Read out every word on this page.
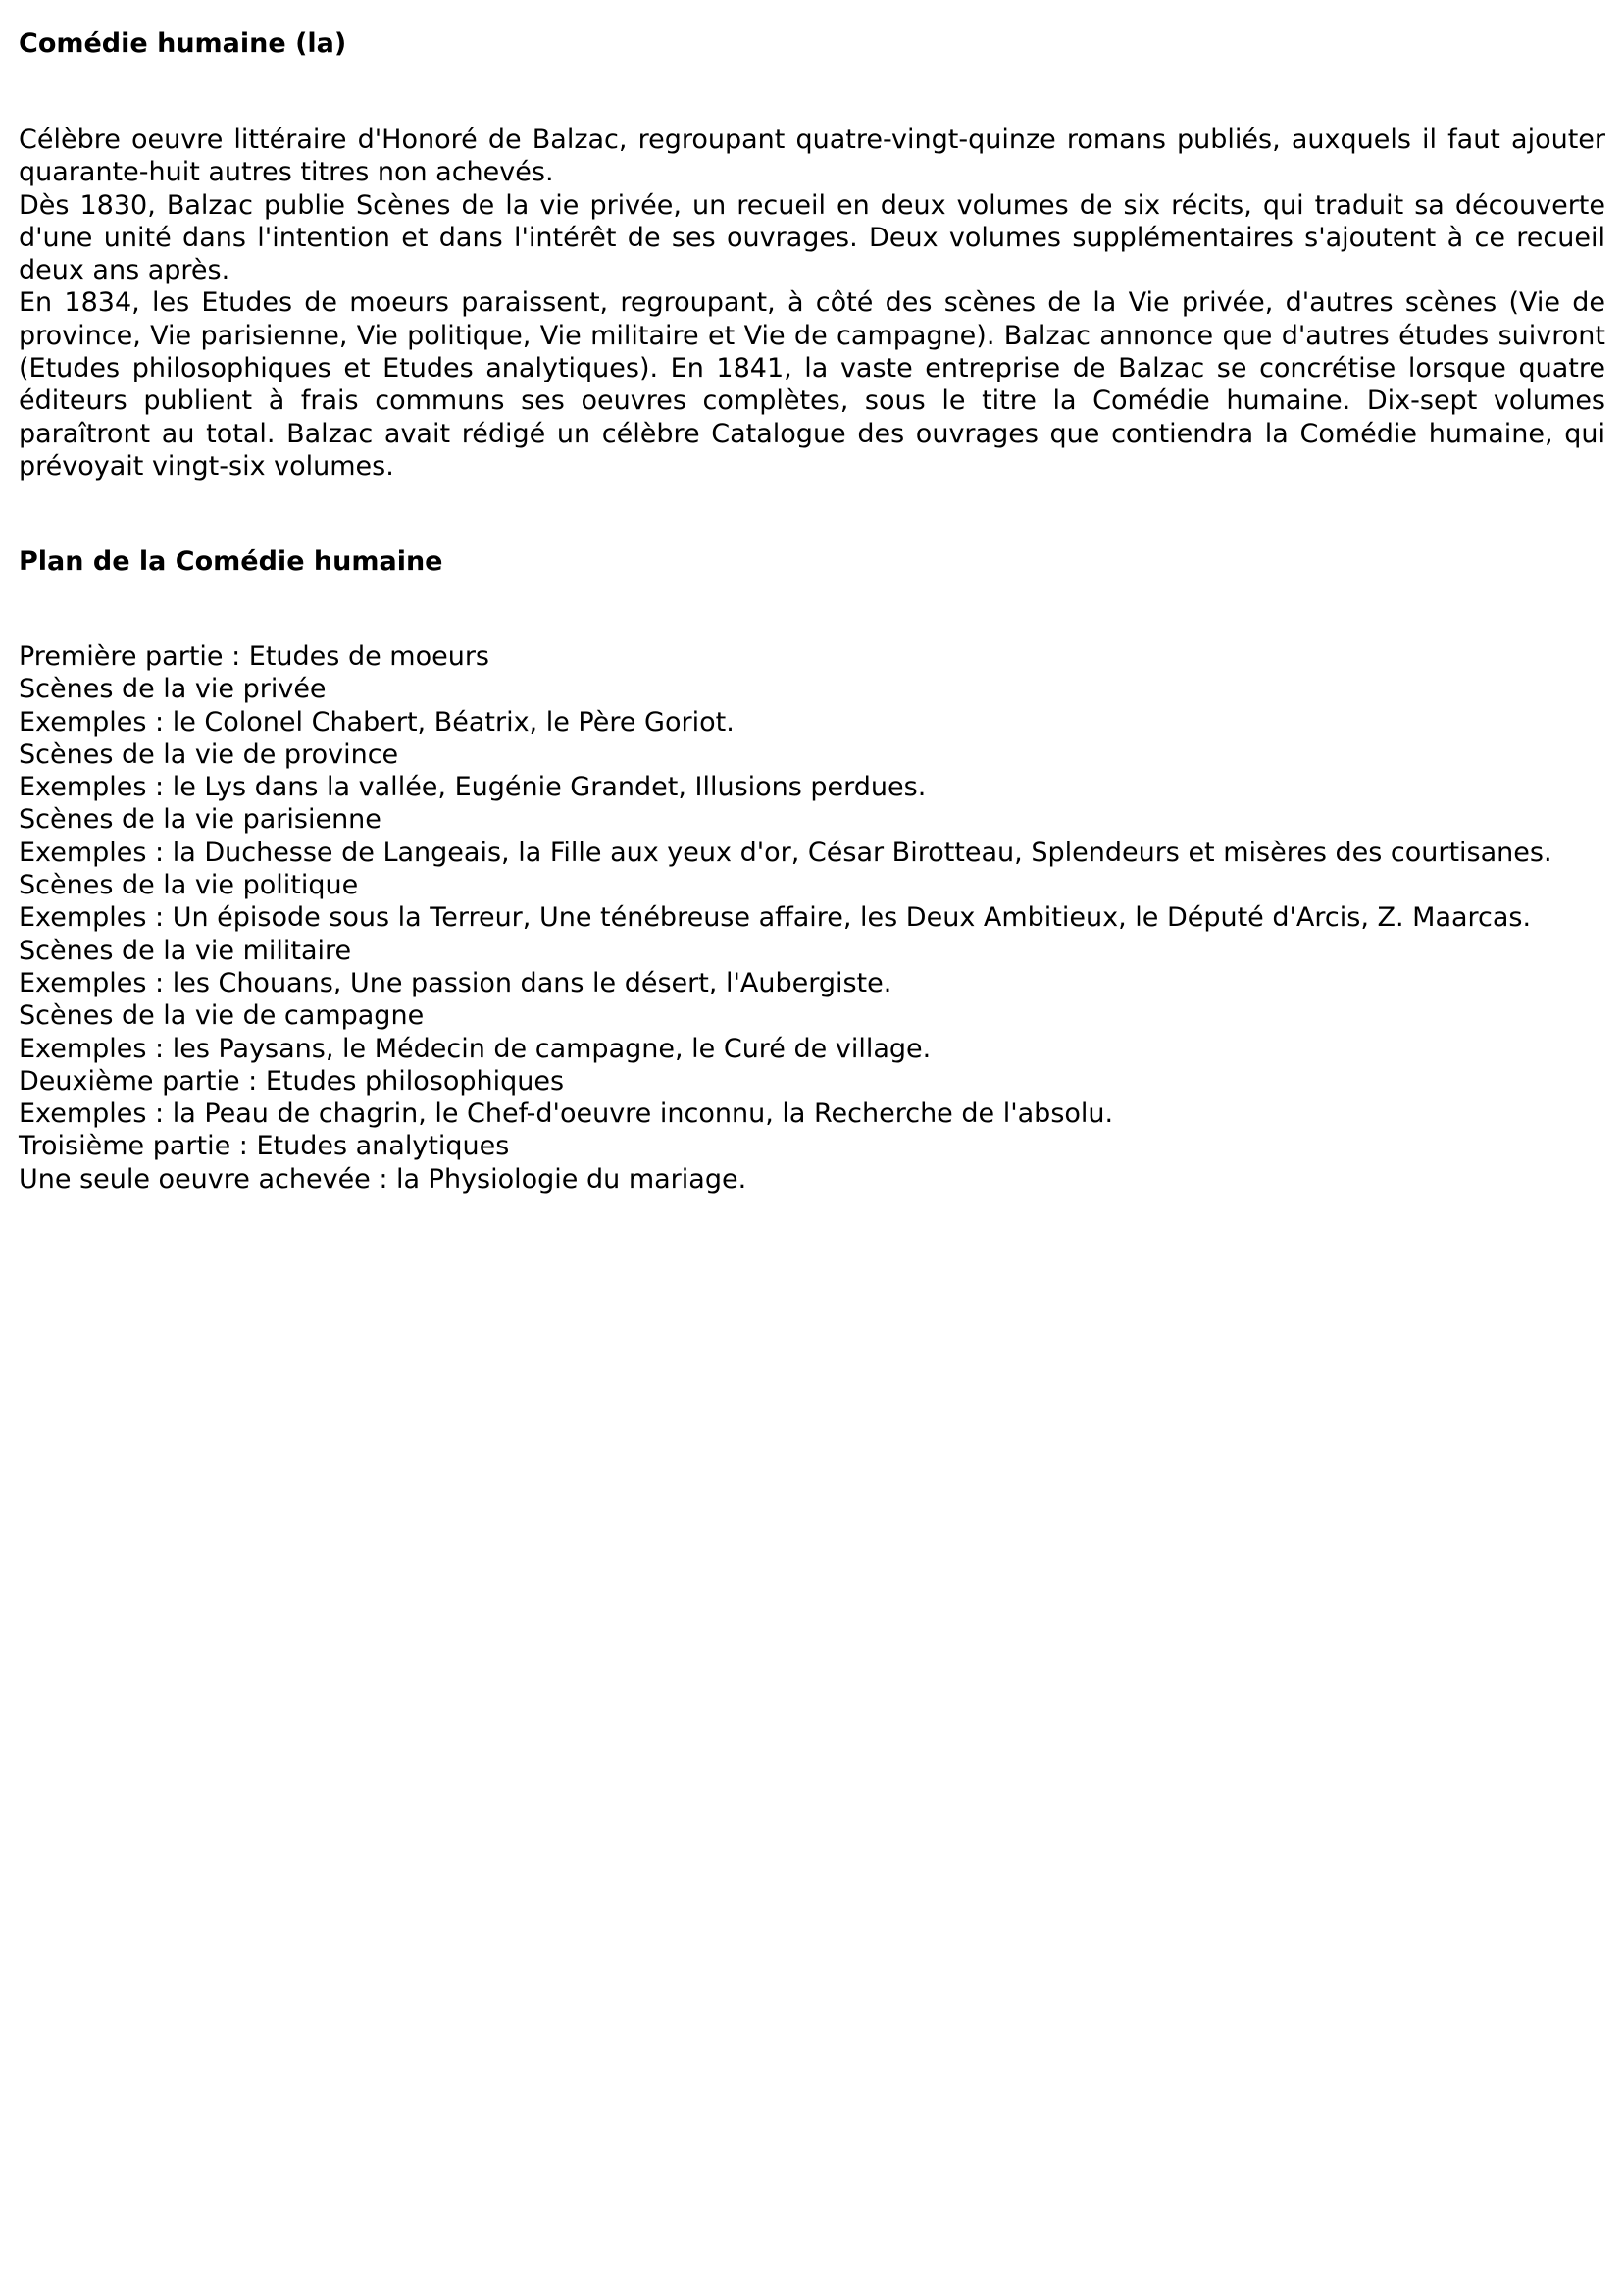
Comédie humaine (la)

Célèbre oeuvre littéraire d'Honoré de Balzac, regroupant quatre-vingt-quinze romans publiés, auxquels il faut ajouter quarante-huit autres titres non achevés.

Dès 1830, Balzac publie Scènes de la vie privée, un recueil en deux volumes de six récits, qui traduit sa découverte d'une unité dans l'intention et dans l'intérêt de ses ouvrages. Deux volumes supplémentaires s'ajoutent à ce recueil deux ans après.

En 1834, les Etudes de moeurs paraissent, regroupant, à côté des scènes de la Vie privée, d'autres scènes (Vie de province, Vie parisienne, Vie politique, Vie militaire et Vie de campagne). Balzac annonce que d'autres études suivront (Etudes philosophiques et Etudes analytiques). En 1841, la vaste entreprise de Balzac se concrétise lorsque quatre éditeurs publient à frais communs ses oeuvres complètes, sous le titre la Comédie humaine. Dix-sept volumes paraîtront au total. Balzac avait rédigé un célèbre Catalogue des ouvrages que contiendra la Comédie humaine, qui prévoyait vingt-six volumes.

Plan de la Comédie humaine
Première partie : Etudes de moeurs
Scènes de la vie privée
Exemples : le Colonel Chabert, Béatrix, le Père Goriot.
Scènes de la vie de province
Exemples : le Lys dans la vallée, Eugénie Grandet, Illusions perdues.
Scènes de la vie parisienne
Exemples : la Duchesse de Langeais, la Fille aux yeux d'or, César Birotteau, Splendeurs et misères des courtisanes.
Scènes de la vie politique
Exemples : Un épisode sous la Terreur, Une ténébreuse affaire, les Deux Ambitieux, le Député d'Arcis, Z. Maarcas.
Scènes de la vie militaire
Exemples : les Chouans, Une passion dans le désert, l'Aubergiste.
Scènes de la vie de campagne
Exemples : les Paysans, le Médecin de campagne, le Curé de village.
Deuxième partie : Etudes philosophiques
Exemples : la Peau de chagrin, le Chef-d'oeuvre inconnu, la Recherche de l'absolu.
Troisième partie : Etudes analytiques
Une seule oeuvre achevée : la Physiologie du mariage.
